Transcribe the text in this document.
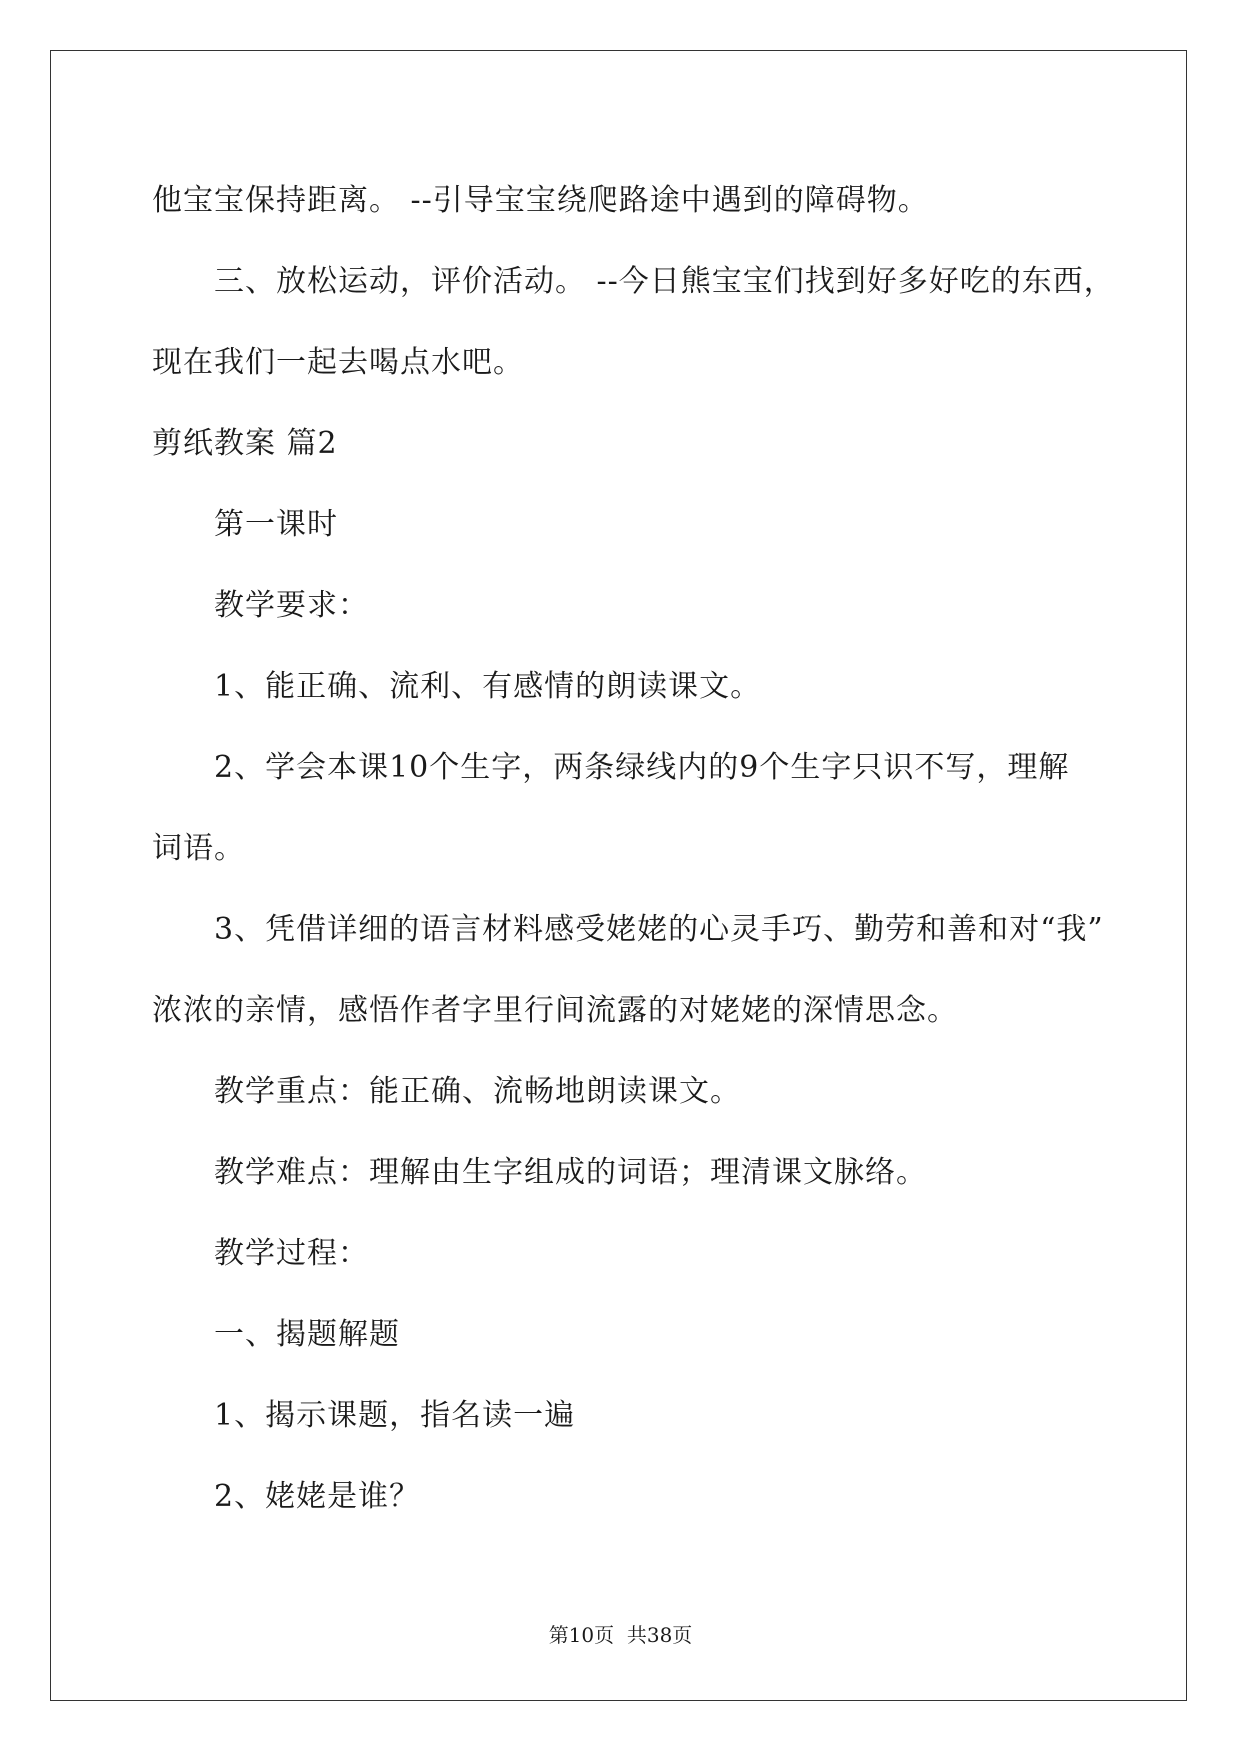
他宝宝保持距离。 --引导宝宝绕爬路途中遇到的障碍物。
三、放松运动，评价活动。 --今日熊宝宝们找到好多好吃的东西，
现在我们一起去喝点水吧。
剪纸教案 篇2
第一课时
教学要求：
1、能正确、流利、有感情的朗读课文。
2、学会本课10个生字，两条绿线内的9个生字只识不写，理解
词语。
3、凭借详细的语言材料感受姥姥的心灵手巧、勤劳和善和对“我”
浓浓的亲情，感悟作者字里行间流露的对姥姥的深情思念。
教学重点：能正确、流畅地朗读课文。
教学难点：理解由生字组成的词语；理清课文脉络。
教学过程：
一、揭题解题
1、揭示课题，指名读一遍
2、姥姥是谁？
第10页  共38页
